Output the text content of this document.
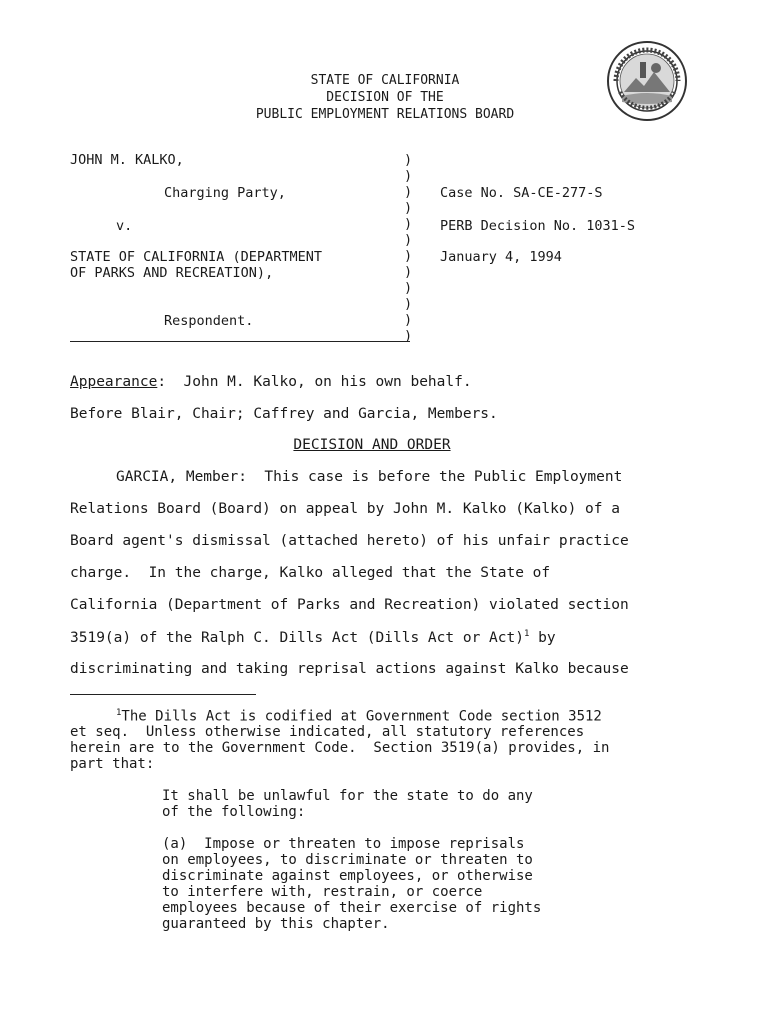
STATE OF CALIFORNIA
DECISION OF THE
PUBLIC EMPLOYMENT RELATIONS BOARD
JOHN M. KALKO,
Charging Party,
v.
STATE OF CALIFORNIA (DEPARTMENT
OF PARKS AND RECREATION),
Respondent.
)
)
)
)
)
)
)
)
)
)
)
)
Case No. SA-CE-277-S
PERB Decision No. 1031-S
January 4, 1994
Appearance:  John M. Kalko, on his own behalf.
Before Blair, Chair; Caffrey and Garcia, Members.
DECISION AND ORDER
GARCIA, Member:  This case is before the Public Employment
Relations Board (Board) on appeal by John M. Kalko (Kalko) of a
Board agent's dismissal (attached hereto) of his unfair practice
charge.  In the charge, Kalko alleged that the State of
California (Department of Parks and Recreation) violated section
3519(a) of the Ralph C. Dills Act (Dills Act or Act)$^1$ by
discriminating and taking reprisal actions against Kalko because
$^1$The Dills Act is codified at Government Code section 3512
et seq.  Unless otherwise indicated, all statutory references
herein are to the Government Code.  Section 3519(a) provides, in
part that:
It shall be unlawful for the state to do any
of the following:
(a)  Impose or threaten to impose reprisals
on employees, to discriminate or threaten to
discriminate against employees, or otherwise
to interfere with, restrain, or coerce
employees because of their exercise of rights
guaranteed by this chapter.
